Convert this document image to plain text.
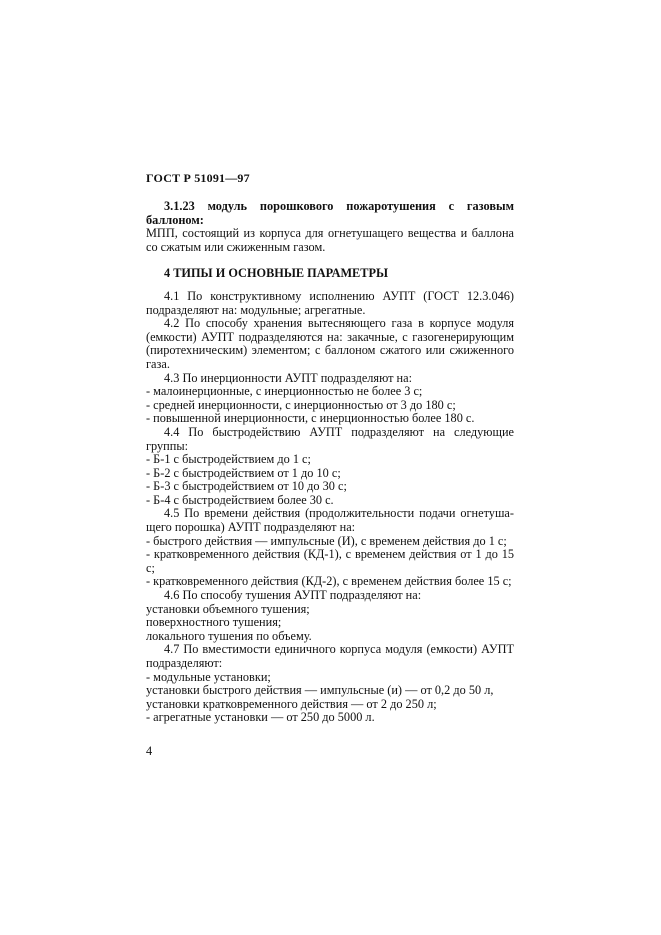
ГОСТ Р 51091—97

3.1.23 модуль порошкового пожаротушения с газовым баллоном:

МПП, состоящий из корпуса для огнетушащего вещества и баллона со сжатым или сжиженным газом.

4 ТИПЫ И ОСНОВНЫЕ ПАРАМЕТРЫ

4.1 По конструктивному исполнению АУПТ (ГОСТ 12.3.046) подразделяют на: модульные; агрегатные.

4.2 По способу хранения вытесняющего газа в корпусе модуля (емкости) АУПТ подразделяются на: закачные, с газогенерирующим (пиротехническим) элементом; с баллоном сжатого или сжиженного газа.

4.3 По инерционности АУПТ подразделяют на:

- малоинерционные, с инерционностью не более 3 с;

- средней инерционности, с инерционностью от 3 до 180 с;

- повышенной инерционности, с инерционностью более 180 с.

4.4 По быстродействию АУПТ подразделяют на следующие группы:

- Б-1 с быстродействием до 1 с;

- Б-2 с быстродействием от 1 до 10 с;

- Б-3 с быстродействием от 10 до 30 с;

- Б-4 с быстродействием более 30 с.

4.5 По времени действия (продолжительности подачи огнетушащего порошка) АУПТ подразделяют на:

- быстрого действия — импульсные (И), с временем действия до 1 с;

- кратковременного действия (КД-1), с временем действия от 1 до 15 с;

- кратковременного действия (КД-2), с временем действия более 15 с;

4.6 По способу тушения АУПТ подразделяют на:

установки объемного тушения;

поверхностного тушения;

локального тушения по объему.

4.7 По вместимости единичного корпуса модуля (емкости) АУПТ подразделяют:

- модульные установки;

установки быстрого действия — импульсные (и) — от 0,2 до 50 л,

установки кратковременного действия — от 2 до 250 л;

- агрегатные установки — от 250 до 5000 л.

4
